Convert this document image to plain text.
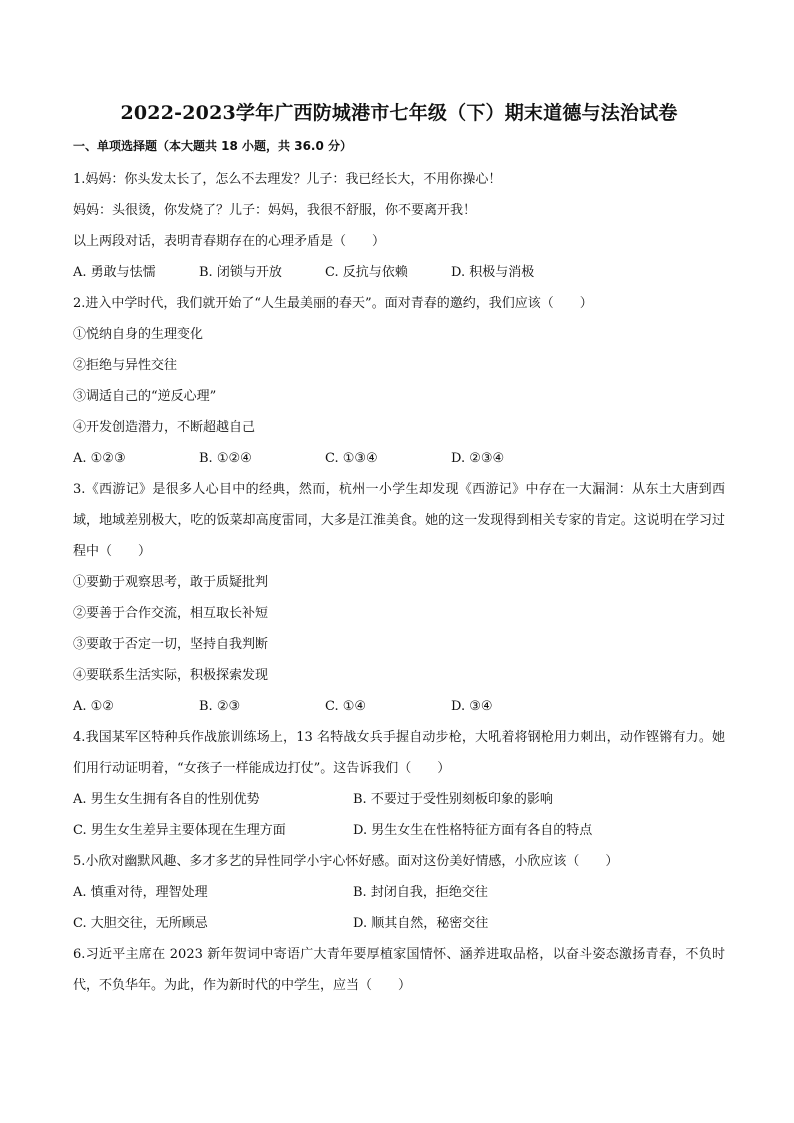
2022-2023学年广西防城港市七年级（下）期末道德与法治试卷
一、单项选择题（本大题共 18 小题，共 36.0 分）
1.妈妈：你头发太长了，怎么不去理发？儿子：我已经长大，不用你操心！
妈妈：头很烫，你发烧了？儿子：妈妈，我很不舒服，你不要离开我！
以上两段对话，表明青春期存在的心理矛盾是（　　）
A. 勇敢与怯懦	B. 闭锁与开放	C. 反抗与依赖	D. 积极与消极
2.进入中学时代，我们就开始了“人生最美丽的春天”。面对青春的邀约，我们应该（　　）
①悦纳自身的生理变化
②拒绝与异性交往
③调适自己的“逆反心理”
④开发创造潜力，不断超越自己
A. ①②③	B. ①②④	C. ①③④	D. ②③④
3.《西游记》是很多人心目中的经典，然而，杭州一小学生却发现《西游记》中存在一大漏洞：从东土大唐到西域，地域差别极大，吃的饭菜却高度雷同，大多是江淮美食。她的这一发现得到相关专家的肯定。这说明在学习过程中（　　）
①要勤于观察思考，敢于质疑批判
②要善于合作交流，相互取长补短
③要敢于否定一切，坚持自我判断
④要联系生活实际，积极探索发现
A. ①②	B. ②③	C. ①④	D. ③④
4.我国某军区特种兵作战旅训练场上，13 名特战女兵手握自动步枪，大吼着将钢枪用力刺出，动作铿锵有力。她们用行动证明着，“女孩子一样能成边打仗”。这告诉我们（　　）
A. 男生女生拥有各自的性别优势	B. 不要过于受性别刻板印象的影响
C. 男生女生差异主要体现在生理方面	D. 男生女生在性格特征方面有各自的特点
5.小欣对幽默风趣、多才多艺的异性同学小宇心怀好感。面对这份美好情感，小欣应该（　　）
A. 慎重对待，理智处理	B. 封闭自我，拒绝交往
C. 大胆交往，无所顾忌	D. 顺其自然，秘密交往
6.习近平主席在 2023 新年贺词中寄语广大青年要厚植家国情怀、涵养进取品格，以奋斗姿态激扬青春，不负时代，不负华年。为此，作为新时代的中学生，应当（　　）
